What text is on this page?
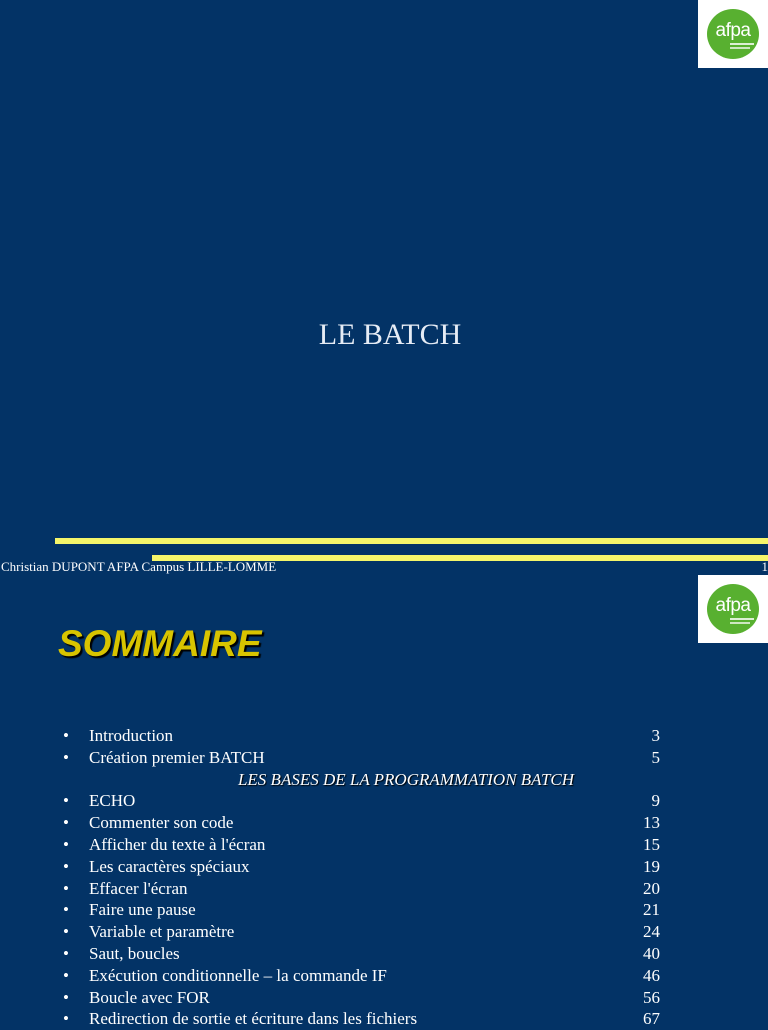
afpa
LE BATCH
Christian DUPONT AFPA Campus LILLE-LOMME	1
afpa
SOMMAIRE
• Introduction	3
• Création premier BATCH	5
LES BASES DE LA PROGRAMMATION BATCH
• ECHO	9
• Commenter son code	13
• Afficher du texte à l'écran	15
• Les caractères spéciaux	19
• Effacer l'écran	20
• Faire une pause	21
• Variable et paramètre	24
• Saut, boucles	40
• Exécution conditionnelle – la commande IF	46
• Boucle avec FOR	56
• Redirection de sortie et écriture dans les fichiers	67
